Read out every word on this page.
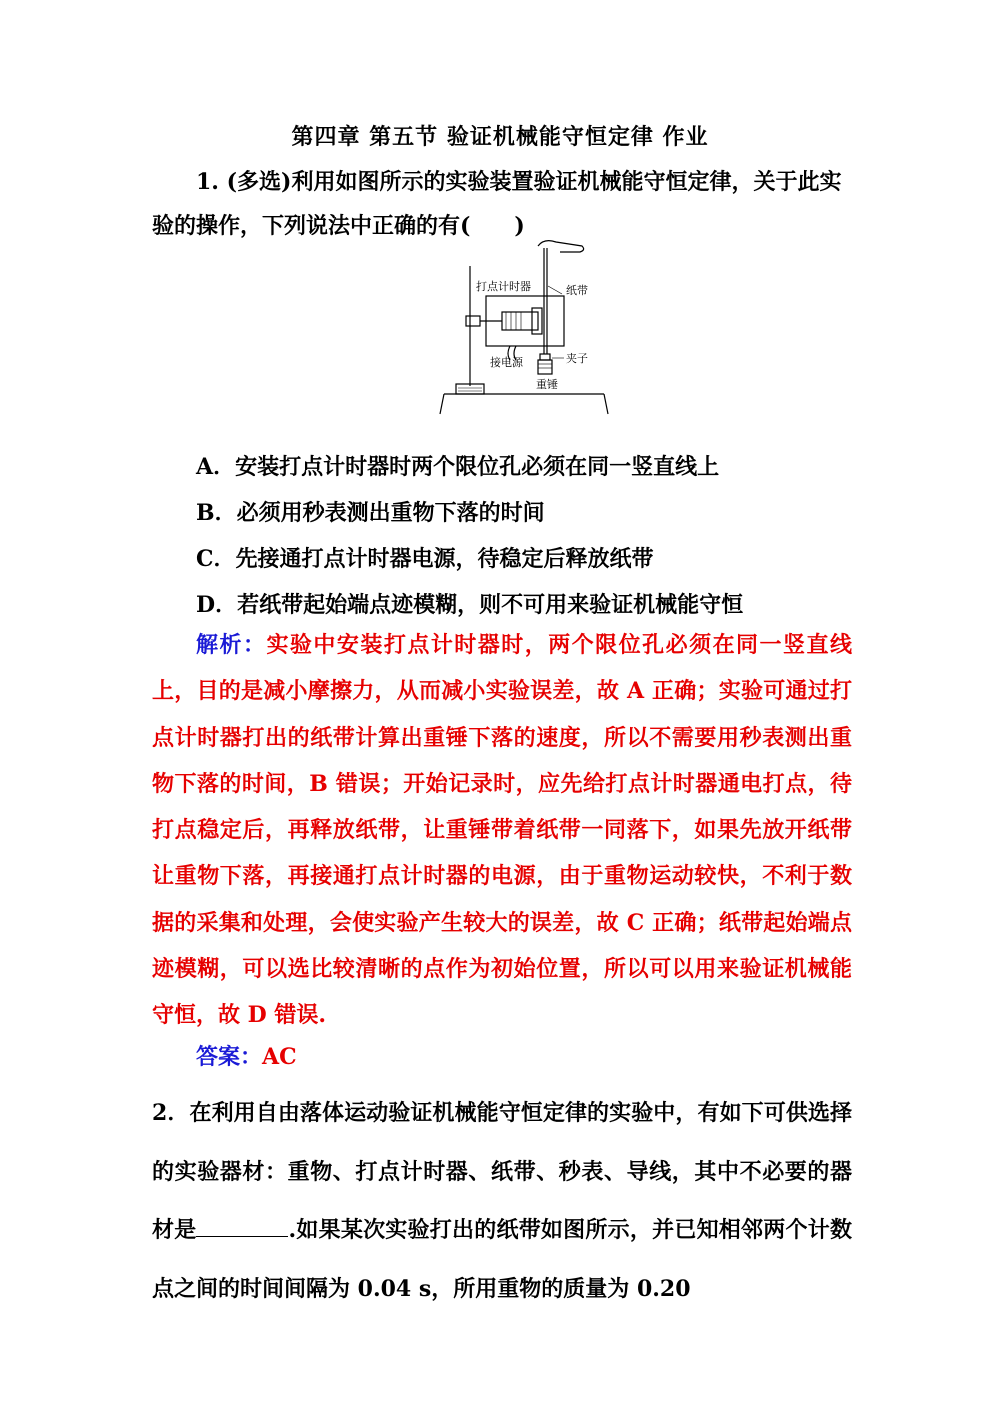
第四章 第五节 验证机械能守恒定律 作业
1. (多选)利用如图所示的实验装置验证机械能守恒定律，关于此实验的操作，下列说法中正确的有(　　)
打点计时器	纸带
夹子
接电源
重锤
A．安装打点计时器时两个限位孔必须在同一竖直线上
B．必须用秒表测出重物下落的时间
C．先接通打点计时器电源，待稳定后释放纸带
D．若纸带起始端点迹模糊，则不可用来验证机械能守恒
解析：实验中安装打点计时器时，两个限位孔必须在同一竖直线上，目的是减小摩擦力，从而减小实验误差，故 A 正确；实验可通过打点计时器打出的纸带计算出重锤下落的速度，所以不需要用秒表测出重物下落的时间，B 错误；开始记录时，应先给打点计时器通电打点，待打点稳定后，再释放纸带，让重锤带着纸带一同落下，如果先放开纸带让重物下落，再接通打点计时器的电源，由于重物运动较快，不利于数据的采集和处理，会使实验产生较大的误差，故 C 正确；纸带起始端点迹模糊，可以选比较清晰的点作为初始位置，所以可以用来验证机械能守恒，故 D 错误.
答案：AC
2．在利用自由落体运动验证机械能守恒定律的实验中，有如下可供选择的实验器材：重物、打点计时器、纸带、秒表、导线，其中不必要的器材是	.如果某次实验打出的纸带如图所示，并已知相邻两个计数点之间的时间间隔为 0.04 s，所用重物的质量为 0.20
